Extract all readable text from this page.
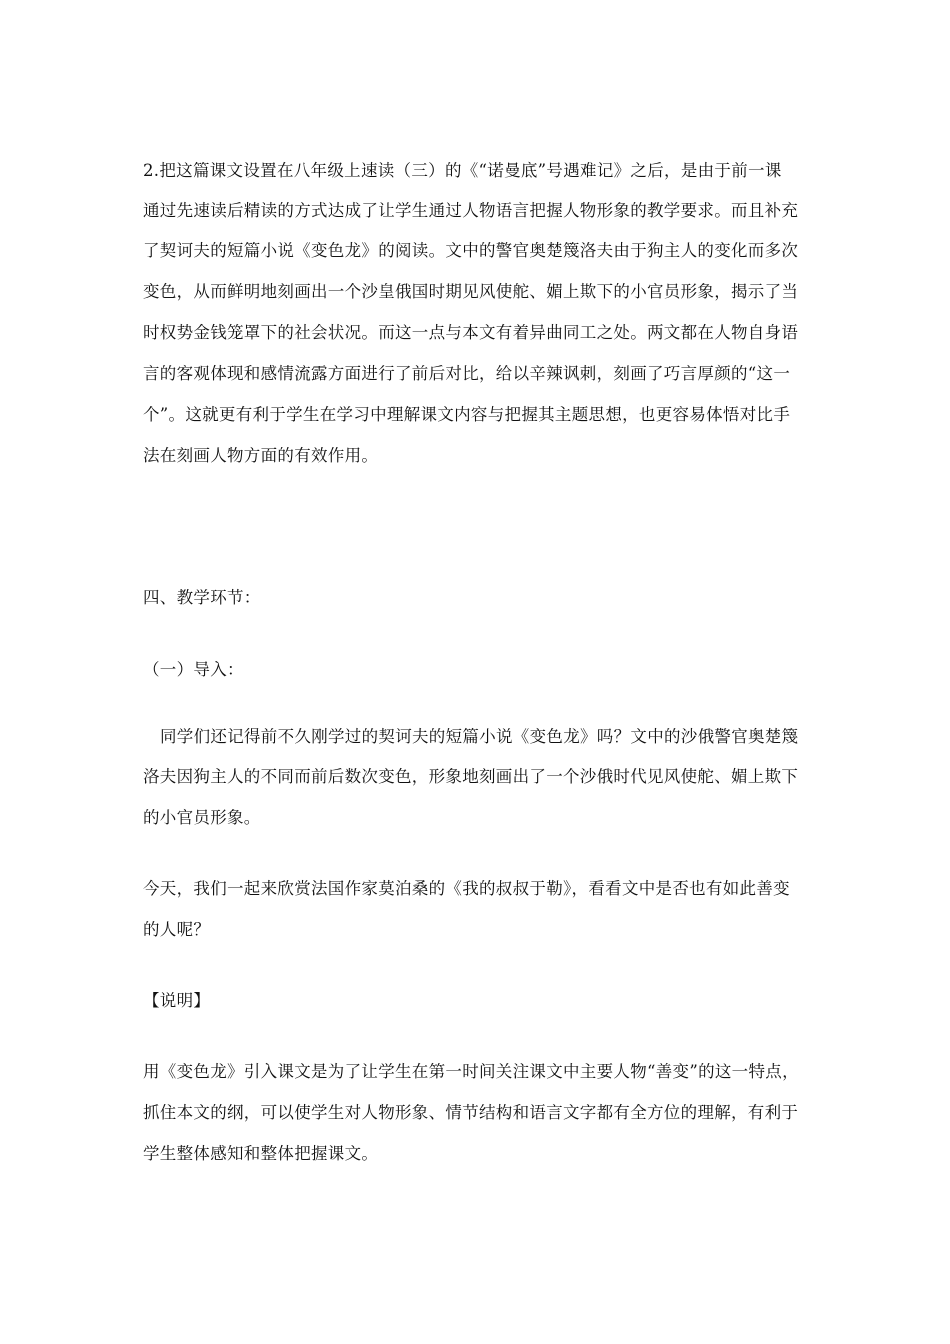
2.把这篇课文设置在八年级上速读（三）的《“诺曼底”号遇难记》之后，是由于前一课
通过先速读后精读的方式达成了让学生通过人物语言把握人物形象的教学要求。而且补充
了契诃夫的短篇小说《变色龙》的阅读。文中的警官奥楚篾洛夫由于狗主人的变化而多次
变色，从而鲜明地刻画出一个沙皇俄国时期见风使舵、媚上欺下的小官员形象，揭示了当
时权势金钱笼罩下的社会状况。而这一点与本文有着异曲同工之处。两文都在人物自身语
言的客观体现和感情流露方面进行了前后对比，给以辛辣讽刺，刻画了巧言厚颜的“这一
个”。这就更有利于学生在学习中理解课文内容与把握其主题思想，也更容易体悟对比手
法在刻画人物方面的有效作用。
四、教学环节：
（一）导入：
同学们还记得前不久刚学过的契诃夫的短篇小说《变色龙》吗？文中的沙俄警官奥楚篾
洛夫因狗主人的不同而前后数次变色，形象地刻画出了一个沙俄时代见风使舵、媚上欺下
的小官员形象。
今天，我们一起来欣赏法国作家莫泊桑的《我的叔叔于勒》，看看文中是否也有如此善变
的人呢？
【说明】
用《变色龙》引入课文是为了让学生在第一时间关注课文中主要人物“善变”的这一特点，
抓住本文的纲，可以使学生对人物形象、情节结构和语言文字都有全方位的理解，有利于
学生整体感知和整体把握课文。
